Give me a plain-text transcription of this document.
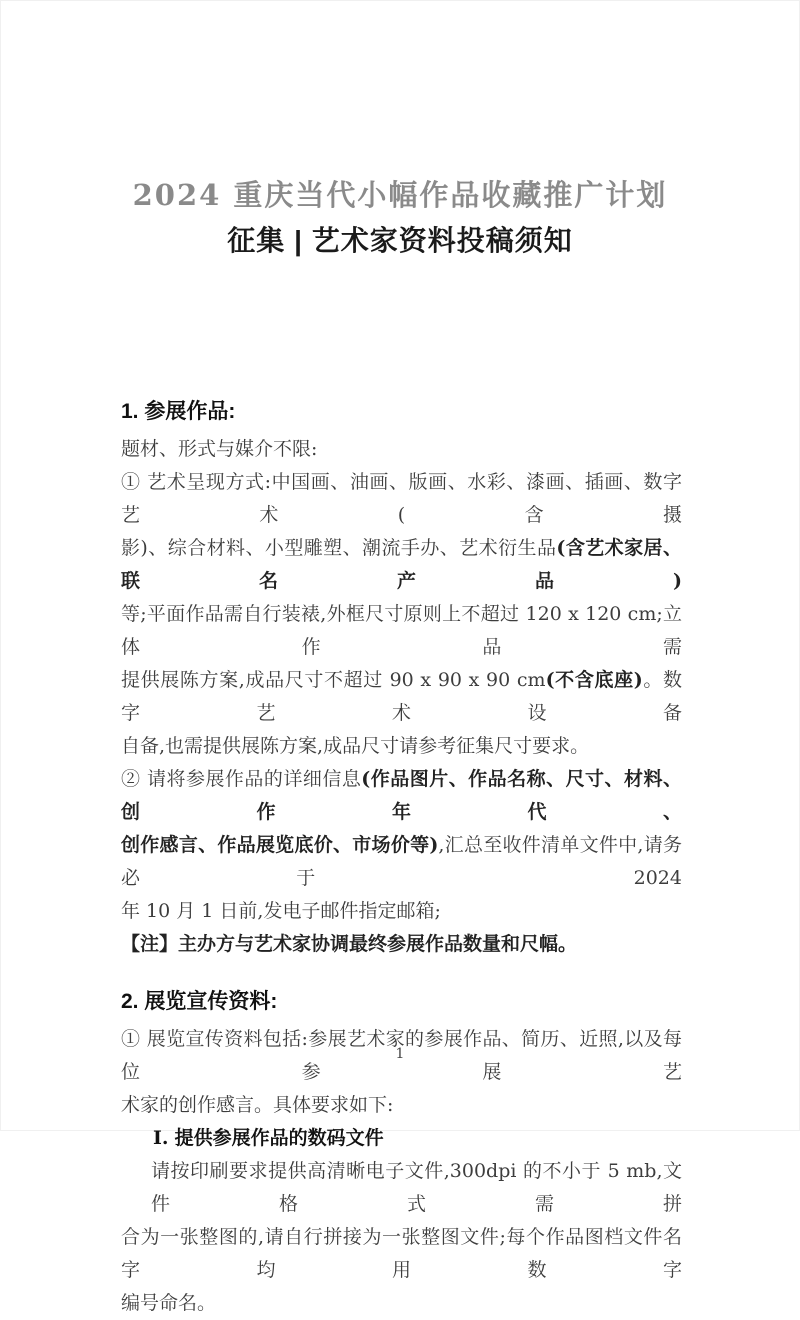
2024 重庆当代小幅作品收藏推广计划
征集 | 艺术家资料投稿须知
1. 参展作品:

题材、形式与媒介不限:

① 艺术呈现方式:中国画、油画、版画、水彩、漆画、插画、数字艺术(含摄

影)、综合材料、小型雕塑、潮流手办、艺术衍生品(含艺术家居、联名产品)

等;平面作品需自行装裱,外框尺寸原则上不超过 120 x 120 cm;立体作品需

提供展陈方案,成品尺寸不超过 90 x 90 x 90 cm(不含底座)。数字艺术设备

自备,也需提供展陈方案,成品尺寸请参考征集尺寸要求。

② 请将参展作品的详细信息(作品图片、作品名称、尺寸、材料、创作年代、

创作感言、作品展览底价、市场价等),汇总至收件清单文件中,请务必于 2024

年 10 月 1 日前,发电子邮件指定邮箱;

【注】主办方与艺术家协调最终参展作品数量和尺幅。

2. 展览宣传资料:

① 展览宣传资料包括:参展艺术家的参展作品、简历、近照,以及每位参展艺

术家的创作感言。具体要求如下:

Ⅰ. 提供参展作品的数码文件

请按印刷要求提供高清晰电子文件,300dpi 的不小于 5 mb,文件格式需拼

合为一张整图的,请自行拼接为一张整图文件;每个作品图档文件名字均用数字

编号命名。

1
